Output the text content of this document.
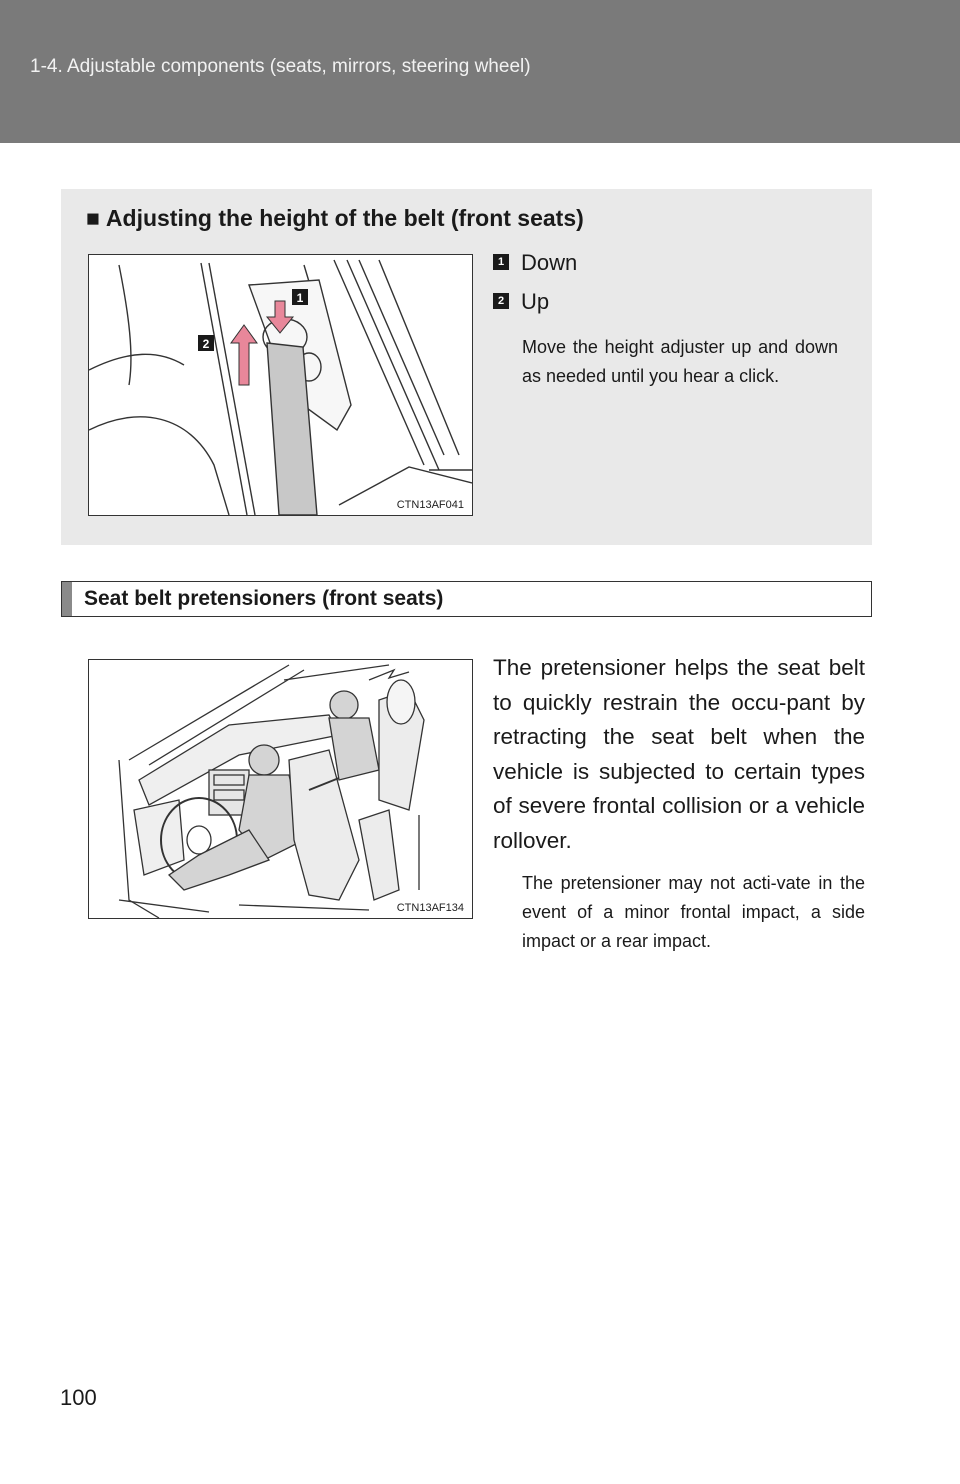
1-4. Adjustable components (seats, mirrors, steering wheel)
■ Adjusting the height of the belt (front seats)
1
2
CTN13AF041
1 Down
2 Up
Move the height adjuster up and down as needed until you hear a click.
Seat belt pretensioners (front seats)
CTN13AF134
The pretensioner helps the seat belt to quickly restrain the occu-pant by retracting the seat belt when the vehicle is subjected to certain types of severe frontal collision or a vehicle rollover.
The pretensioner may not acti-vate in the event of a minor frontal impact, a side impact or a rear impact.
100
